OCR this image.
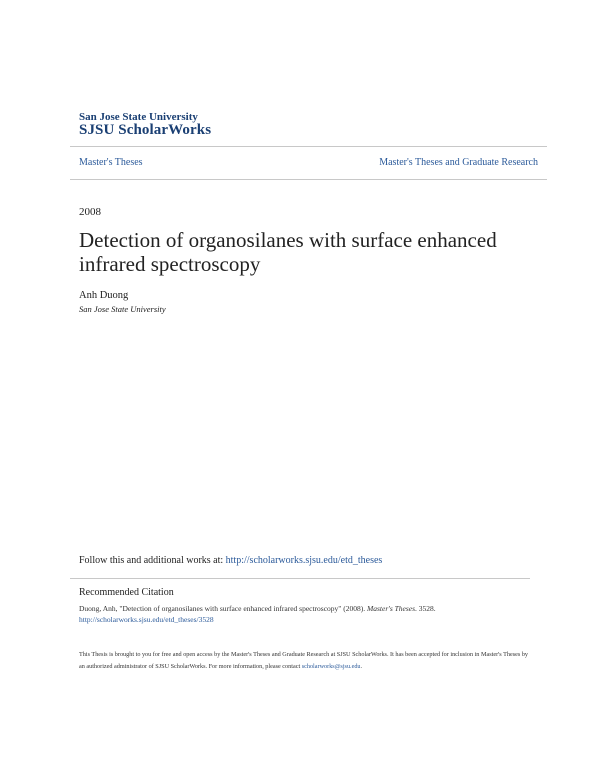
San Jose State University
SJSU ScholarWorks
Master's Theses	Master's Theses and Graduate Research
2008
Detection of organosilanes with surface enhanced infrared spectroscopy
Anh Duong
San Jose State University
Follow this and additional works at: http://scholarworks.sjsu.edu/etd_theses
Recommended Citation
Duong, Anh, "Detection of organosilanes with surface enhanced infrared spectroscopy" (2008). Master's Theses. 3528.
http://scholarworks.sjsu.edu/etd_theses/3528
This Thesis is brought to you for free and open access by the Master's Theses and Graduate Research at SJSU ScholarWorks. It has been accepted for inclusion in Master's Theses by an authorized administrator of SJSU ScholarWorks. For more information, please contact scholarworks@sjsu.edu.
